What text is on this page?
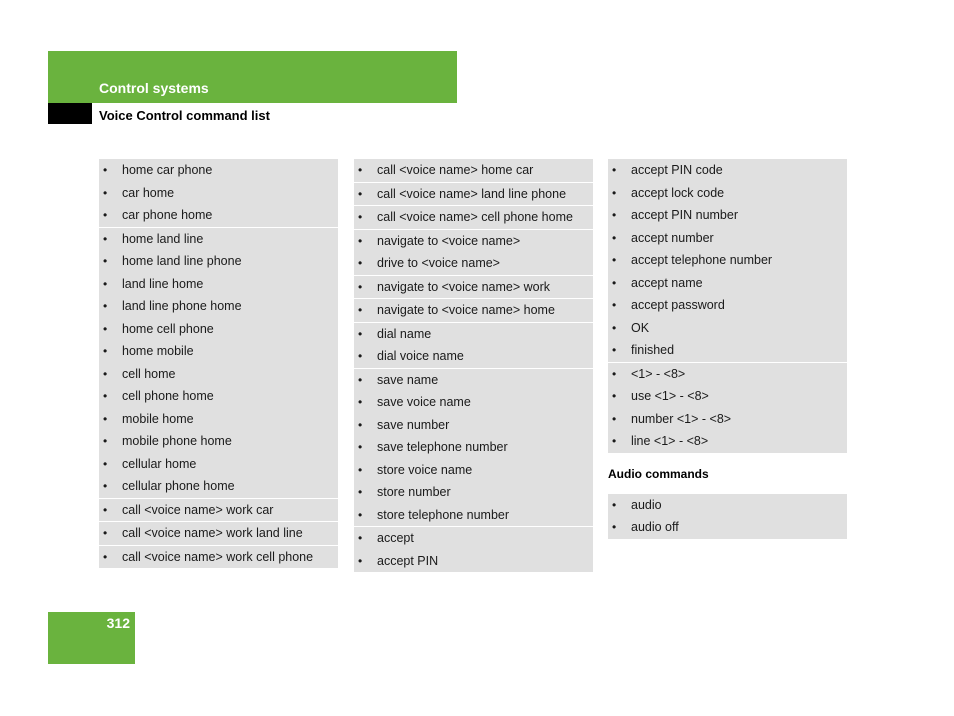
Control systems
Voice Control command list
• home car phone
• car home
• car phone home
• home land line
• home land line phone
• land line home
• land line phone home
• home cell phone
• home mobile
• cell home
• cell phone home
• mobile home
• mobile phone home
• cellular home
• cellular phone home
• call <voice name> work car
• call <voice name> work land line
• call <voice name> work cell phone
• call <voice name> home car
• call <voice name> land line phone
• call <voice name> cell phone home
• navigate to <voice name>
• drive to <voice name>
• navigate to <voice name> work
• navigate to <voice name> home
• dial name
• dial voice name
• save name
• save voice name
• save number
• save telephone number
• store voice name
• store number
• store telephone number
• accept
• accept PIN
• accept PIN code
• accept lock code
• accept PIN number
• accept number
• accept telephone number
• accept name
• accept password
• OK
• finished
• <1> - <8>
• use <1> - <8>
• number <1> - <8>
• line <1> - <8>
Audio commands
• audio
• audio off
312
